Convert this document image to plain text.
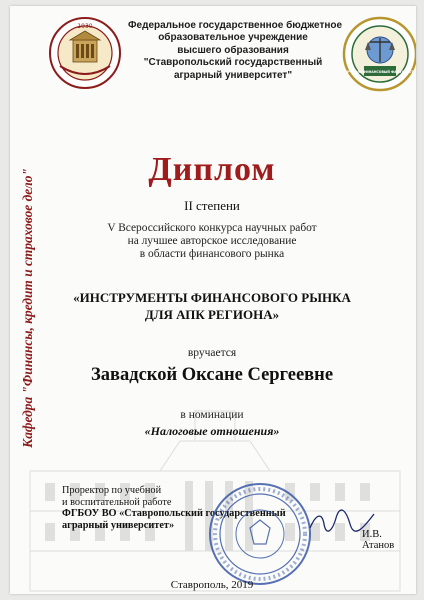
Кафедра "Финансы, кредит и страховое дело"
1930	Федеральное государственное бюджетное
образовательное учреждение
высшего образования
"Ставропольский государственный
аграрный университет"	УЧЕТНО-ФИНАНСОВЫЙ ФАКУЛЬТЕТ
Диплом
II степени
V Всероссийского конкурса научных работ
на лучшее авторское исследование
в области финансового рынка
«ИНСТРУМЕНТЫ ФИНАНСОВОГО РЫНКА
ДЛЯ АПК РЕГИОНА»
вручается
Завадской Оксане Сергеевне
в номинации
«Налоговые отношения»
Проректор по учебной
и воспитательной работе
ФГБОУ ВО «Ставропольский государственный
аграрный университет»
И.В. Атанов
Ставрополь, 2019
